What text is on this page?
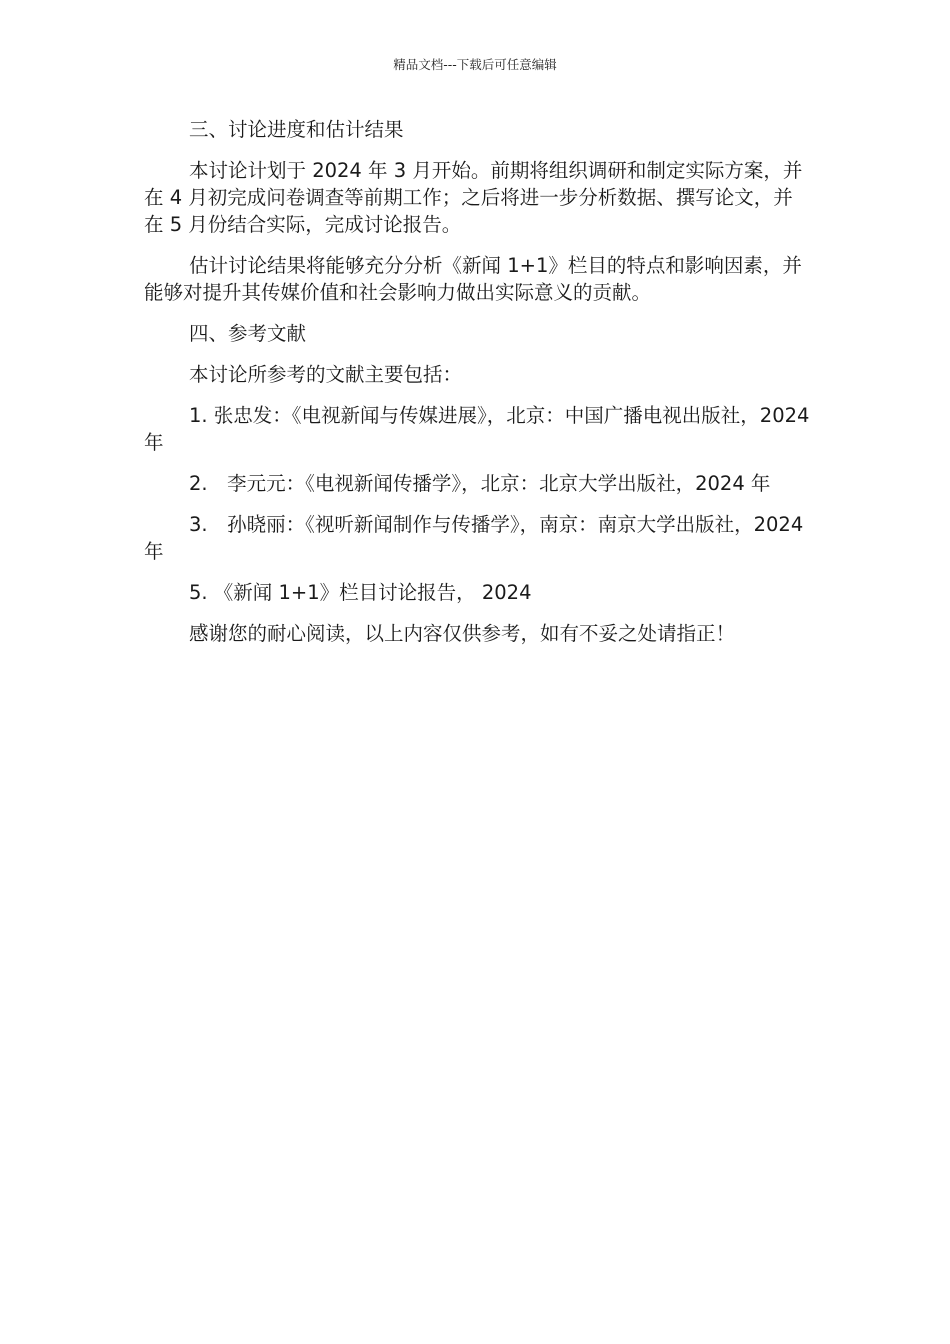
精品文档---下载后可任意编辑

三、讨论进度和估计结果

本讨论计划于 2024 年 3 月开始。前期将组织调研和制定实际方案，并在 4 月初完成问卷调查等前期工作；之后将进一步分析数据、撰写论文，并在 5 月份结合实际，完成讨论报告。

估计讨论结果将能够充分分析《新闻 1+1》栏目的特点和影响因素，并能够对提升其传媒价值和社会影响力做出实际意义的贡献。

四、参考文献

本讨论所参考的文献主要包括：

1. 张忠发：《电视新闻与传媒进展》，北京：中国广播电视出版社，2024 年

2.　李元元：《电视新闻传播学》，北京：北京大学出版社，2024 年

3.　孙晓丽：《视听新闻制作与传播学》，南京：南京大学出版社，2024 年

5. 《新闻 1+1》栏目讨论报告， 2024

感谢您的耐心阅读，以上内容仅供参考，如有不妥之处请指正！
